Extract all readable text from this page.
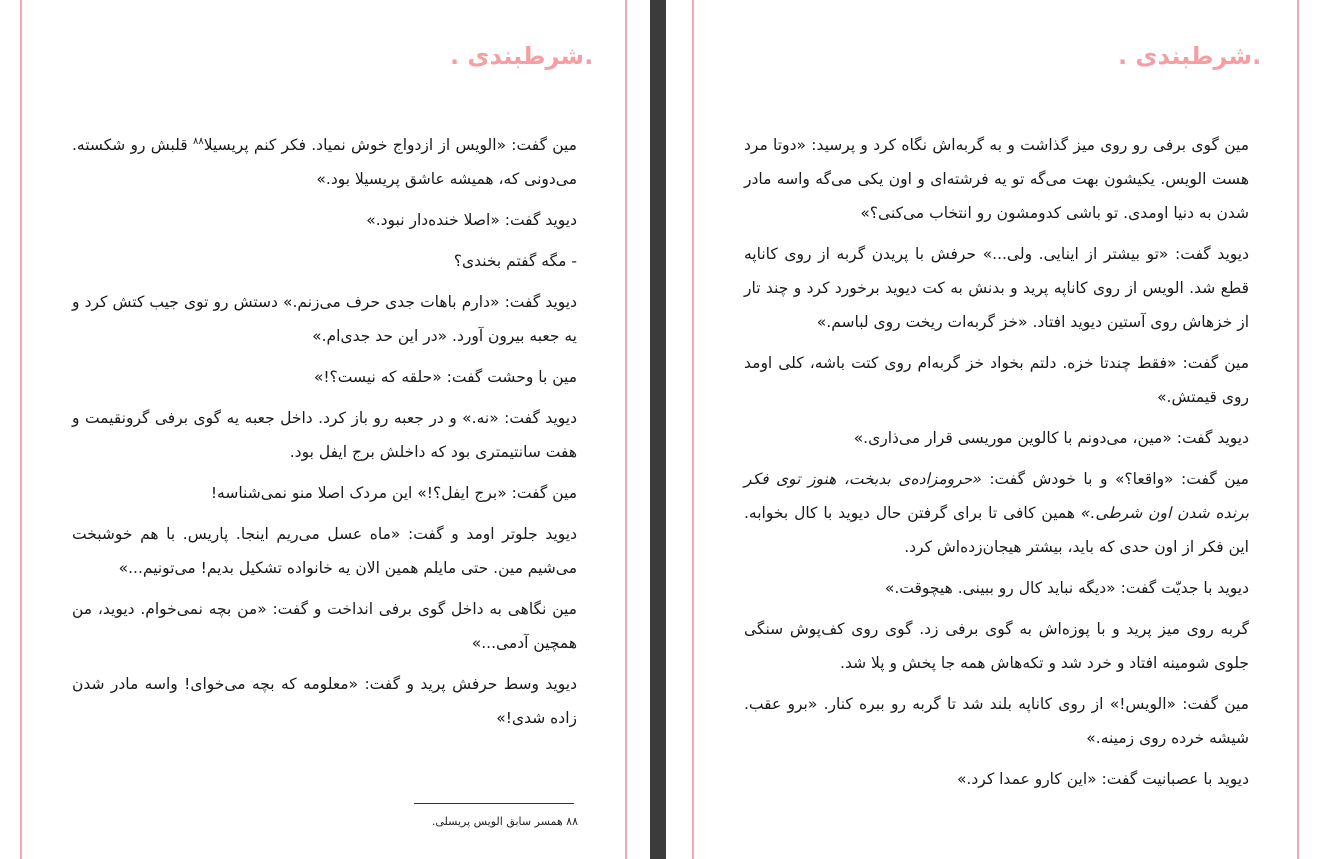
.شرطبندی .

مین گفت: «الویس از ازدواج خوش نمیاد. فکر کنم پریسیلا$^{۸۸}$ قلبش رو شکسته. می‌دونی که، همیشه عاشق پریسیلا بود.»

دیوید گفت: «اصلا خنده‌دار نبود.»

- مگه گفتم بخندی؟

دیوید گفت: «دارم باهات جدی حرف می‌زنم.» دستش رو توی جیب کتش کرد و یه جعبه بیرون آورد. «در این حد جدی‌ام.»

مین با وحشت گفت: «حلقه که نیست؟!»

دیوید گفت: «نه.» و در جعبه رو باز کرد. داخل جعبه یه گوی برفی گرونقیمت و هفت سانتیمتری بود که داخلش برج ایفل بود.

مین گفت: «برج ایفل؟!» این مردک اصلا منو نمی‌شناسه!

دیوید جلوتر اومد و گفت: «ماه عسل می‌ریم اینجا. پاریس. با هم خوشبخت می‌شیم مین. حتی مایلم همین الان یه خانواده تشکیل بدیم! می‌تونیم...»

مین نگاهی به داخل گوی برفی انداخت و گفت: «من بچه نمی‌خوام. دیوید، من همچین آدمی...»

دیوید وسط حرفش پرید و گفت: «معلومه که بچه می‌خوای! واسه مادر شدن زاده شدی!»

۸۸ همسر سابق الویس پریسلی.
.شرطبندی .

مین گوی برفی رو روی میز گذاشت و به گربه‌اش نگاه کرد و پرسید: «دوتا مرد هست الویس. یکیشون بهت می‌گه تو یه فرشته‌ای و اون یکی می‌گه واسه مادر شدن به دنیا اومدی. تو باشی کدومشون رو انتخاب می‌کنی؟»

دیوید گفت: «تو بیشتر از اینایی. ولی...» حرفش با پریدن گربه از روی کاناپه قطع شد. الویس از روی کاناپه پرید و بدنش به کت دیوید برخورد کرد و چند تار از خزهاش روی آستین دیوید افتاد. «خز گربه‌ات ریخت روی لباسم.»

مین گفت: «فقط چندتا خزه. دلتم بخواد خز گربه‌ام روی کتت باشه، کلی اومد روی قیمتش.»

دیوید گفت: «مین، می‌دونم با کالوین موریسی قرار می‌ذاری.»

مین گفت: «واقعا؟» و با خودش گفت: «حرومزاده‌ی بدبخت، هنوز توی فکر برنده شدن اون شرطی.» همین کافی تا برای گرفتن حال دیوید با کال بخوابه. این فکر از اون حدی که باید، بیشتر هیجان‌زده‌اش کرد.

دیوید با جدیّت گفت: «دیگه نباید کال رو ببینی. هیچوقت.»

گربه روی میز پرید و با پوزه‌اش به گوی برفی زد. گوی روی کف‌پوش سنگی جلوی شومینه افتاد و خرد شد و تکه‌هاش همه جا پخش و پلا شد.

مین گفت: «الویس!» از روی کاناپه بلند شد تا گربه رو ببره کنار. «برو عقب. شیشه خرده روی زمینه.»

دیوید با عصبانیت گفت: «این کارو عمدا کرد.»
